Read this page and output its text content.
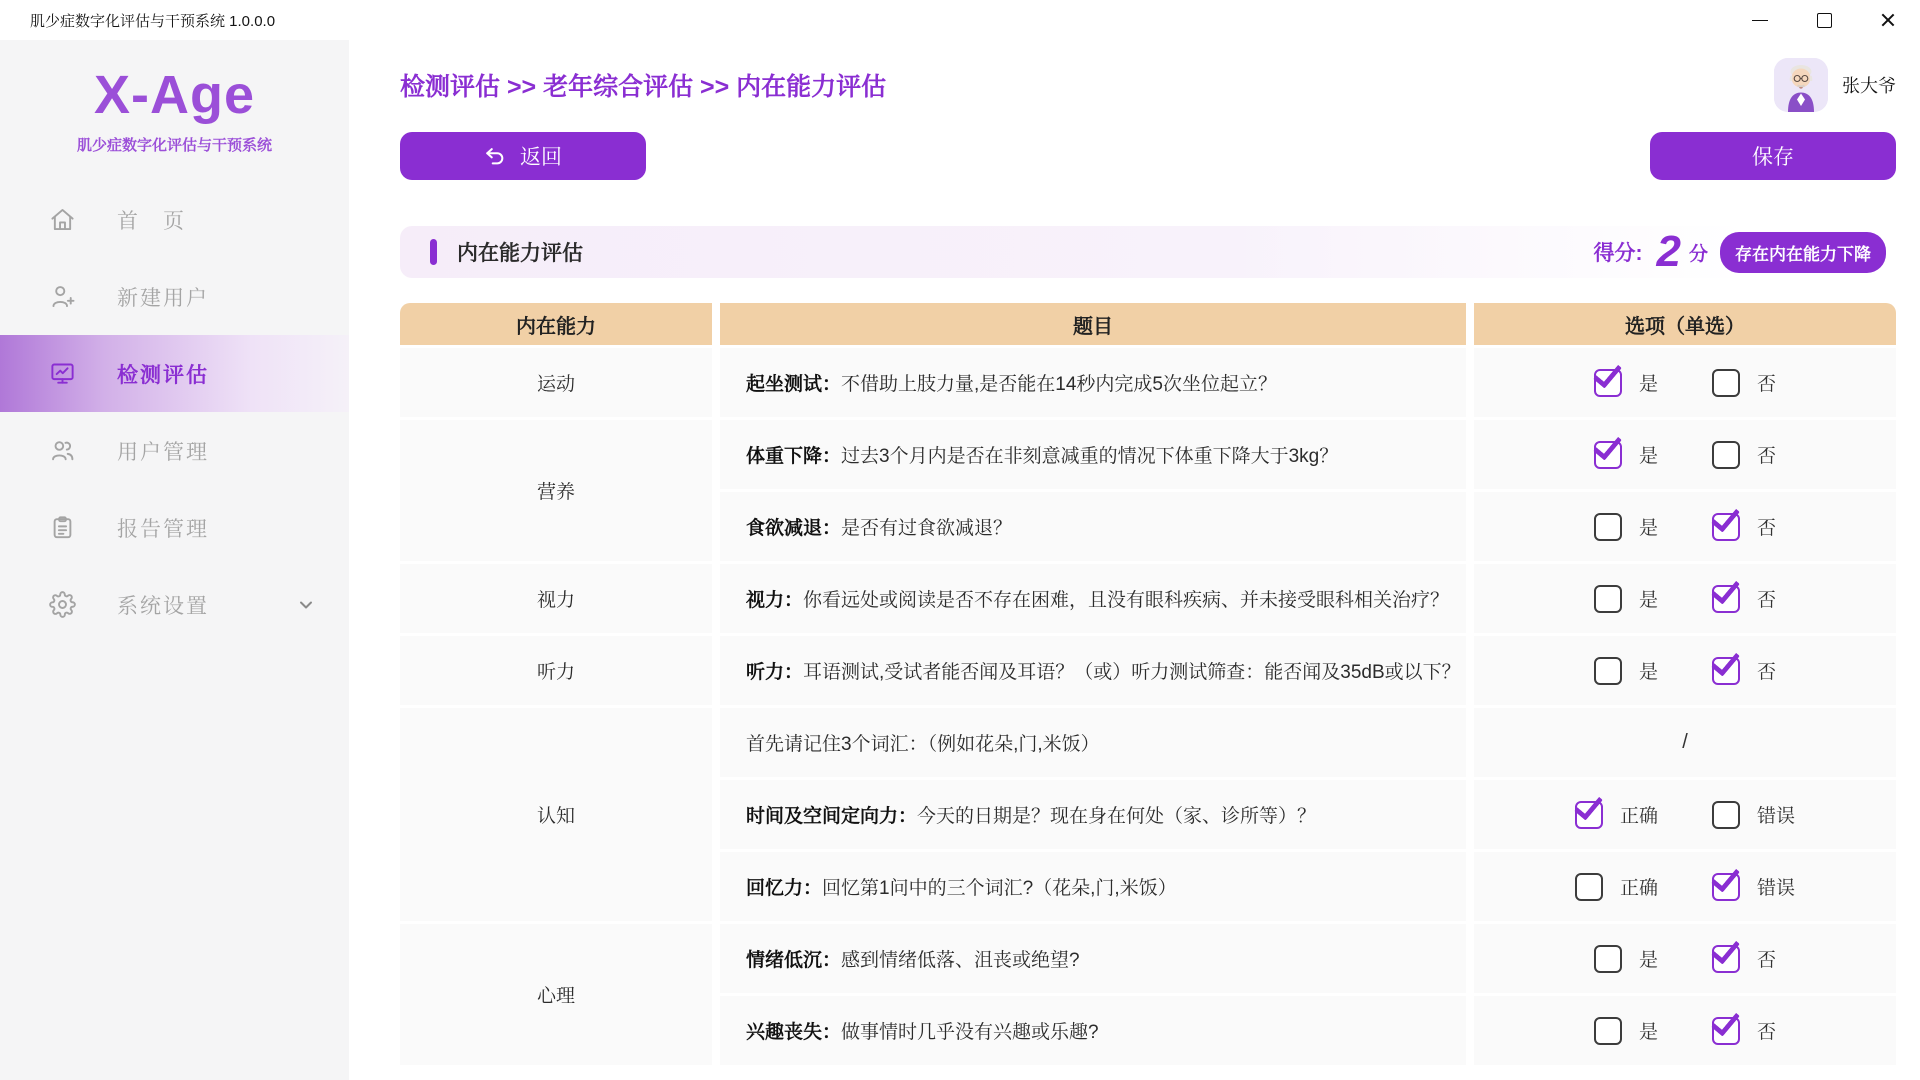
肌少症数字化评估与干预系统 1.0.0.0
X-Age
肌少症数字化评估与干预系统
首　页
新建用户
检测评估
用户管理
报告管理
系统设置
检测评估 >> 老年综合评估 >> 内在能力评估	张大爷
返回	保存
内在能力评估	得分: 2 分	存在内在能力下降
内在能力	题目	选项（单选）
运动	起坐测试：不借助上肢力量,是否能在14秒内完成5次坐位起立？	是 否

营养	体重下降：过去3个月内是否在非刻意减重的情况下体重下降大于3kg？	是 否

	食欲减退：是否有过食欲减退？	是 否

视力	视力：你看远处或阅读是否不存在困难，且没有眼科疾病、并未接受眼科相关治疗？	是 否

听力	听力：耳语测试,受试者能否闻及耳语？（或）听力测试筛查：能否闻及35dB或以下？	是 否

认知	首先请记住3个词汇：（例如花朵,门,米饭）	/

	时间及空间定向力：今天的日期是？现在身在何处（家、诊所等）？	正确 错误

	回忆力：回忆第1问中的三个词汇?（花朵,门,米饭）	正确 错误

心理	情绪低沉：感到情绪低落、沮丧或绝望?	是 否

	兴趣丧失：做事情时几乎没有兴趣或乐趣?	是 否
